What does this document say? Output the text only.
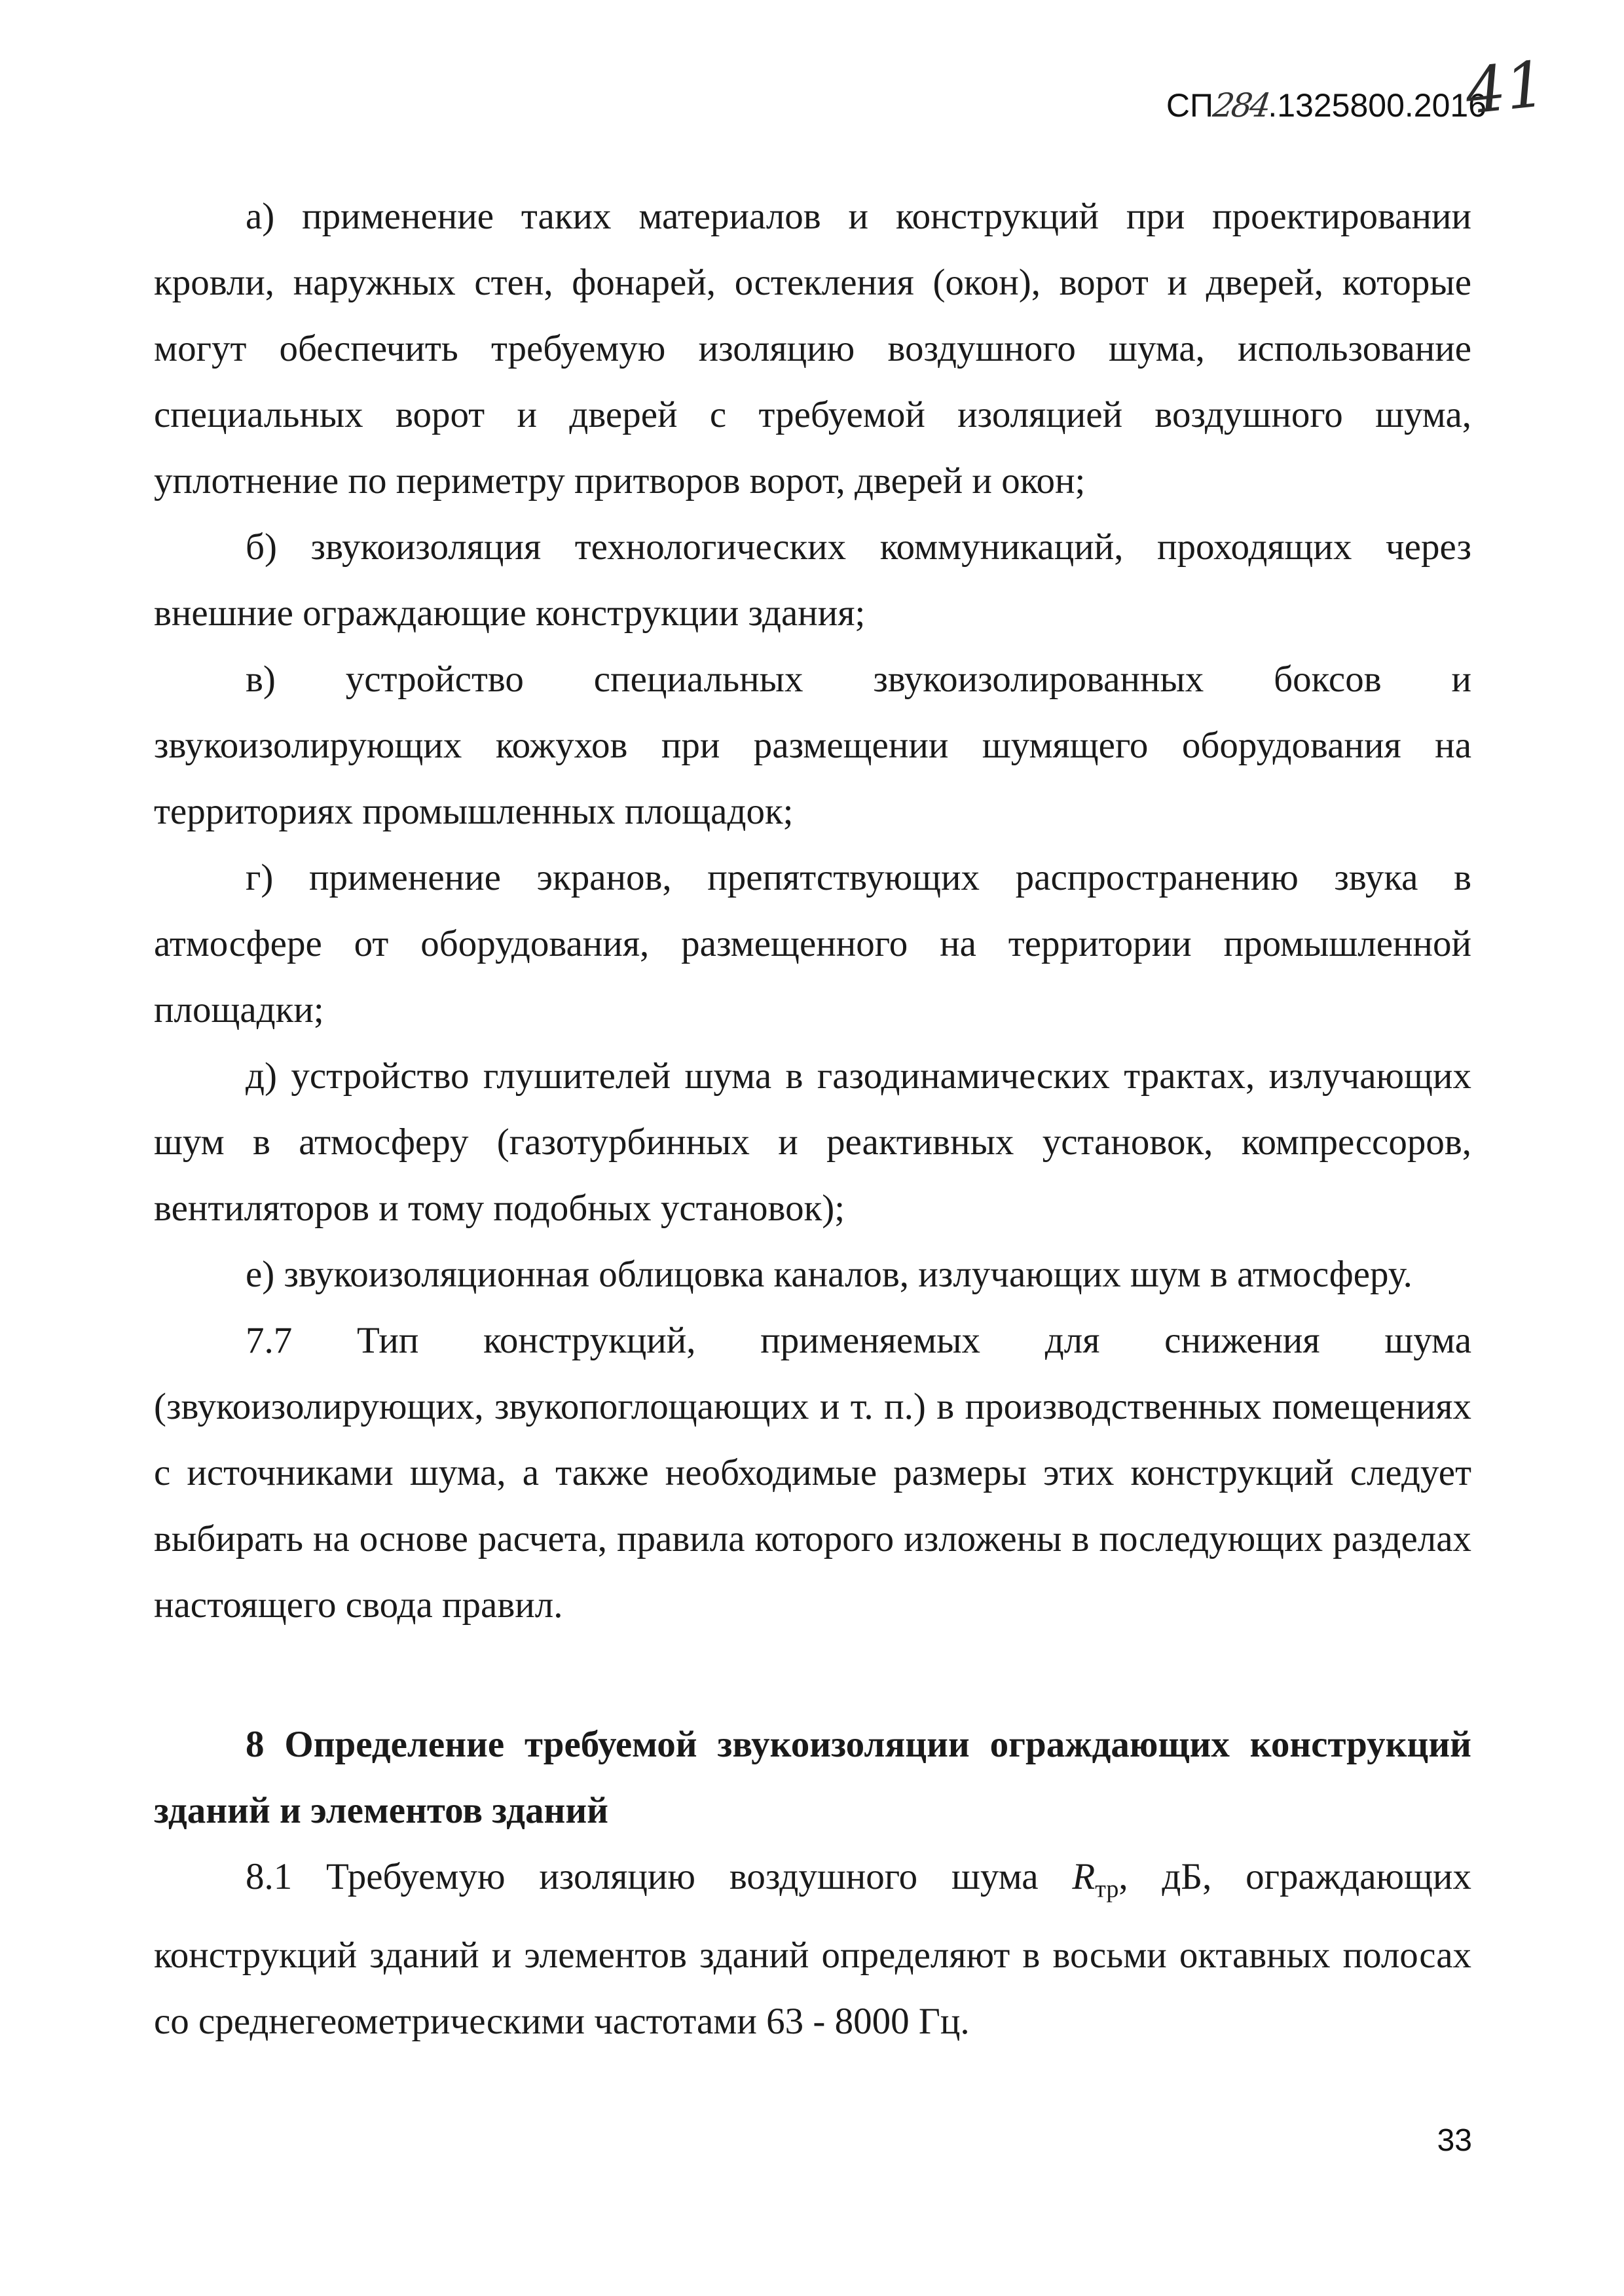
СП284.1325800.2016
41

а) применение таких материалов и конструкций при проектировании кровли, наружных стен, фонарей, остекления (окон), ворот и дверей, которые могут обеспечить требуемую изоляцию воздушного шума, использование специальных ворот и дверей с требуемой изоляцией воздушного шума, уплотнение по периметру притворов ворот, дверей и окон;

б) звукоизоляция технологических коммуникаций, проходящих через внешние ограждающие конструкции здания;

в) устройство специальных звукоизолированных боксов и звукоизолирующих кожухов при размещении шумящего оборудования на территориях промышленных площадок;

г) применение экранов, препятствующих распространению звука в атмосфере от оборудования, размещенного на территории промышленной площадки;

д) устройство глушителей шума в газодинамических трактах, излучающих шум в атмосферу (газотурбинных и реактивных установок, компрессоров, вентиляторов и тому подобных установок);

е) звукоизоляционная облицовка каналов, излучающих шум в атмосферу.

7.7 Тип конструкций, применяемых для снижения шума (звукоизолирующих, звукопоглощающих и т. п.) в производственных помещениях с источниками шума, а также необходимые размеры этих конструкций следует выбирать на основе расчета, правила которого изложены в последующих разделах настоящего свода правил.

8 Определение требуемой звукоизоляции ограждающих конструкций зданий и элементов зданий

8.1 Требуемую изоляцию воздушного шума $R_{тр}$, дБ, ограждающих конструкций зданий и элементов зданий определяют в восьми октавных полосах со среднегеометрическими частотами 63 - 8000 Гц.

33
